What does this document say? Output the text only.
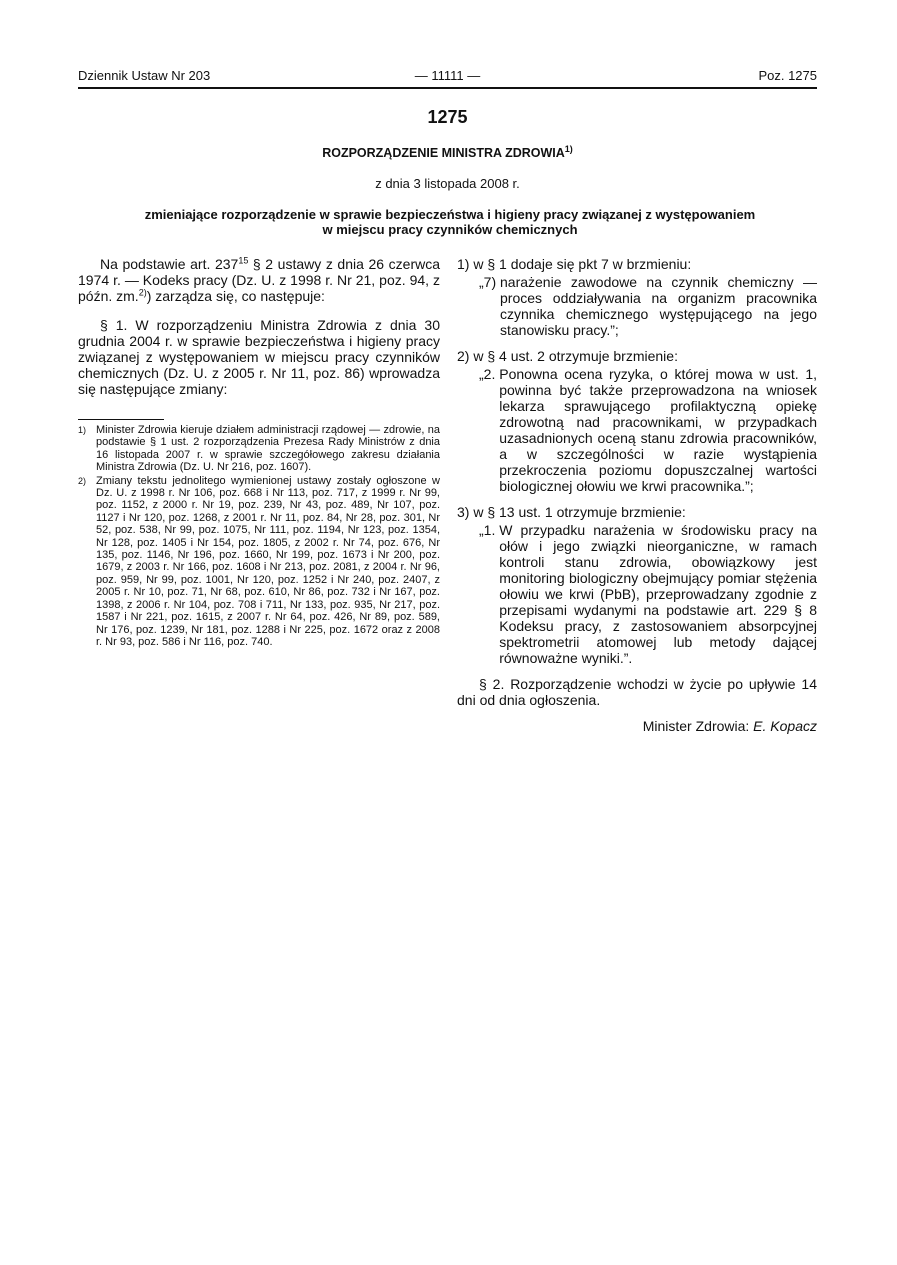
Dziennik Ustaw Nr 203	— 11111 —	Poz. 1275
1275
ROZPORZĄDZENIE MINISTRA ZDROWIA$^{1)}$
z dnia 3 listopada 2008 r.
zmieniające rozporządzenie w sprawie bezpieczeństwa i higieny pracy związanej z występowaniem
w miejscu pracy czynników chemicznych

Na podstawie art. $237^{15}$ § 2 ustawy z dnia 26 czerwca 1974 r. — Kodeks pracy (Dz. U. z 1998 r. Nr 21, poz. 94, z późn. zm.$^{2)}$) zarządza się, co następuje:

§ 1. W rozporządzeniu Ministra Zdrowia z dnia 30 grudnia 2004 r. w sprawie bezpieczeństwa i higieny pracy związanej z występowaniem w miejscu pracy czynników chemicznych (Dz. U. z 2005 r. Nr 11, poz. 86) wprowadza się następujące zmiany:

1) Minister Zdrowia kieruje działem administracji rządowej — zdrowie, na podstawie § 1 ust. 2 rozporządzenia Prezesa Rady Ministrów z dnia 16 listopada 2007 r. w sprawie szczegółowego zakresu działania Ministra Zdrowia (Dz. U. Nr 216, poz. 1607).
2) Zmiany tekstu jednolitego wymienionej ustawy zostały ogłoszone w Dz. U. z 1998 r. Nr 106, poz. 668 i Nr 113, poz. 717, z 1999 r. Nr 99, poz. 1152, z 2000 r. Nr 19, poz. 239, Nr 43, poz. 489, Nr 107, poz. 1127 i Nr 120, poz. 1268, z 2001 r. Nr 11, poz. 84, Nr 28, poz. 301, Nr 52, poz. 538, Nr 99, poz. 1075, Nr 111, poz. 1194, Nr 123, poz. 1354, Nr 128, poz. 1405 i Nr 154, poz. 1805, z 2002 r. Nr 74, poz. 676, Nr 135, poz. 1146, Nr 196, poz. 1660, Nr 199, poz. 1673 i Nr 200, poz. 1679, z 2003 r. Nr 166, poz. 1608 i Nr 213, poz. 2081, z 2004 r. Nr 96, poz. 959, Nr 99, poz. 1001, Nr 120, poz. 1252 i Nr 240, poz. 2407, z 2005 r. Nr 10, poz. 71, Nr 68, poz. 610, Nr 86, poz. 732 i Nr 167, poz. 1398, z 2006 r. Nr 104, poz. 708 i 711, Nr 133, poz. 935, Nr 217, poz. 1587 i Nr 221, poz. 1615, z 2007 r. Nr 64, poz. 426, Nr 89, poz. 589, Nr 176, poz. 1239, Nr 181, poz. 1288 i Nr 225, poz. 1672 oraz z 2008 r. Nr 93, poz. 586 i Nr 116, poz. 740.
1) w § 1 dodaje się pkt 7 w brzmieniu:
„7) narażenie zawodowe na czynnik chemiczny — proces oddziaływania na organizm pracownika czynnika chemicznego występującego na jego stanowisku pracy.”;
2) w § 4 ust. 2 otrzymuje brzmienie:
„2. Ponowna ocena ryzyka, o której mowa w ust. 1, powinna być także przeprowadzona na wniosek lekarza sprawującego profilaktyczną opiekę zdrowotną nad pracownikami, w przypadkach uzasadnionych oceną stanu zdrowia pracowników, a w szczególności w razie wystąpienia przekroczenia poziomu dopuszczalnej wartości biologicznej ołowiu we krwi pracownika.”;
3) w § 13 ust. 1 otrzymuje brzmienie:
„1. W przypadku narażenia w środowisku pracy na ołów i jego związki nieorganiczne, w ramach kontroli stanu zdrowia, obowiązkowy jest monitoring biologiczny obejmujący pomiar stężenia ołowiu we krwi (PbB), przeprowadzany zgodnie z przepisami wydanymi na podstawie art. 229 § 8 Kodeksu pracy, z zastosowaniem absorpcyjnej spektrometrii atomowej lub metody dającej równoważne wyniki.”.

§ 2. Rozporządzenie wchodzi w życie po upływie 14 dni od dnia ogłoszenia.

Minister Zdrowia: E. Kopacz
